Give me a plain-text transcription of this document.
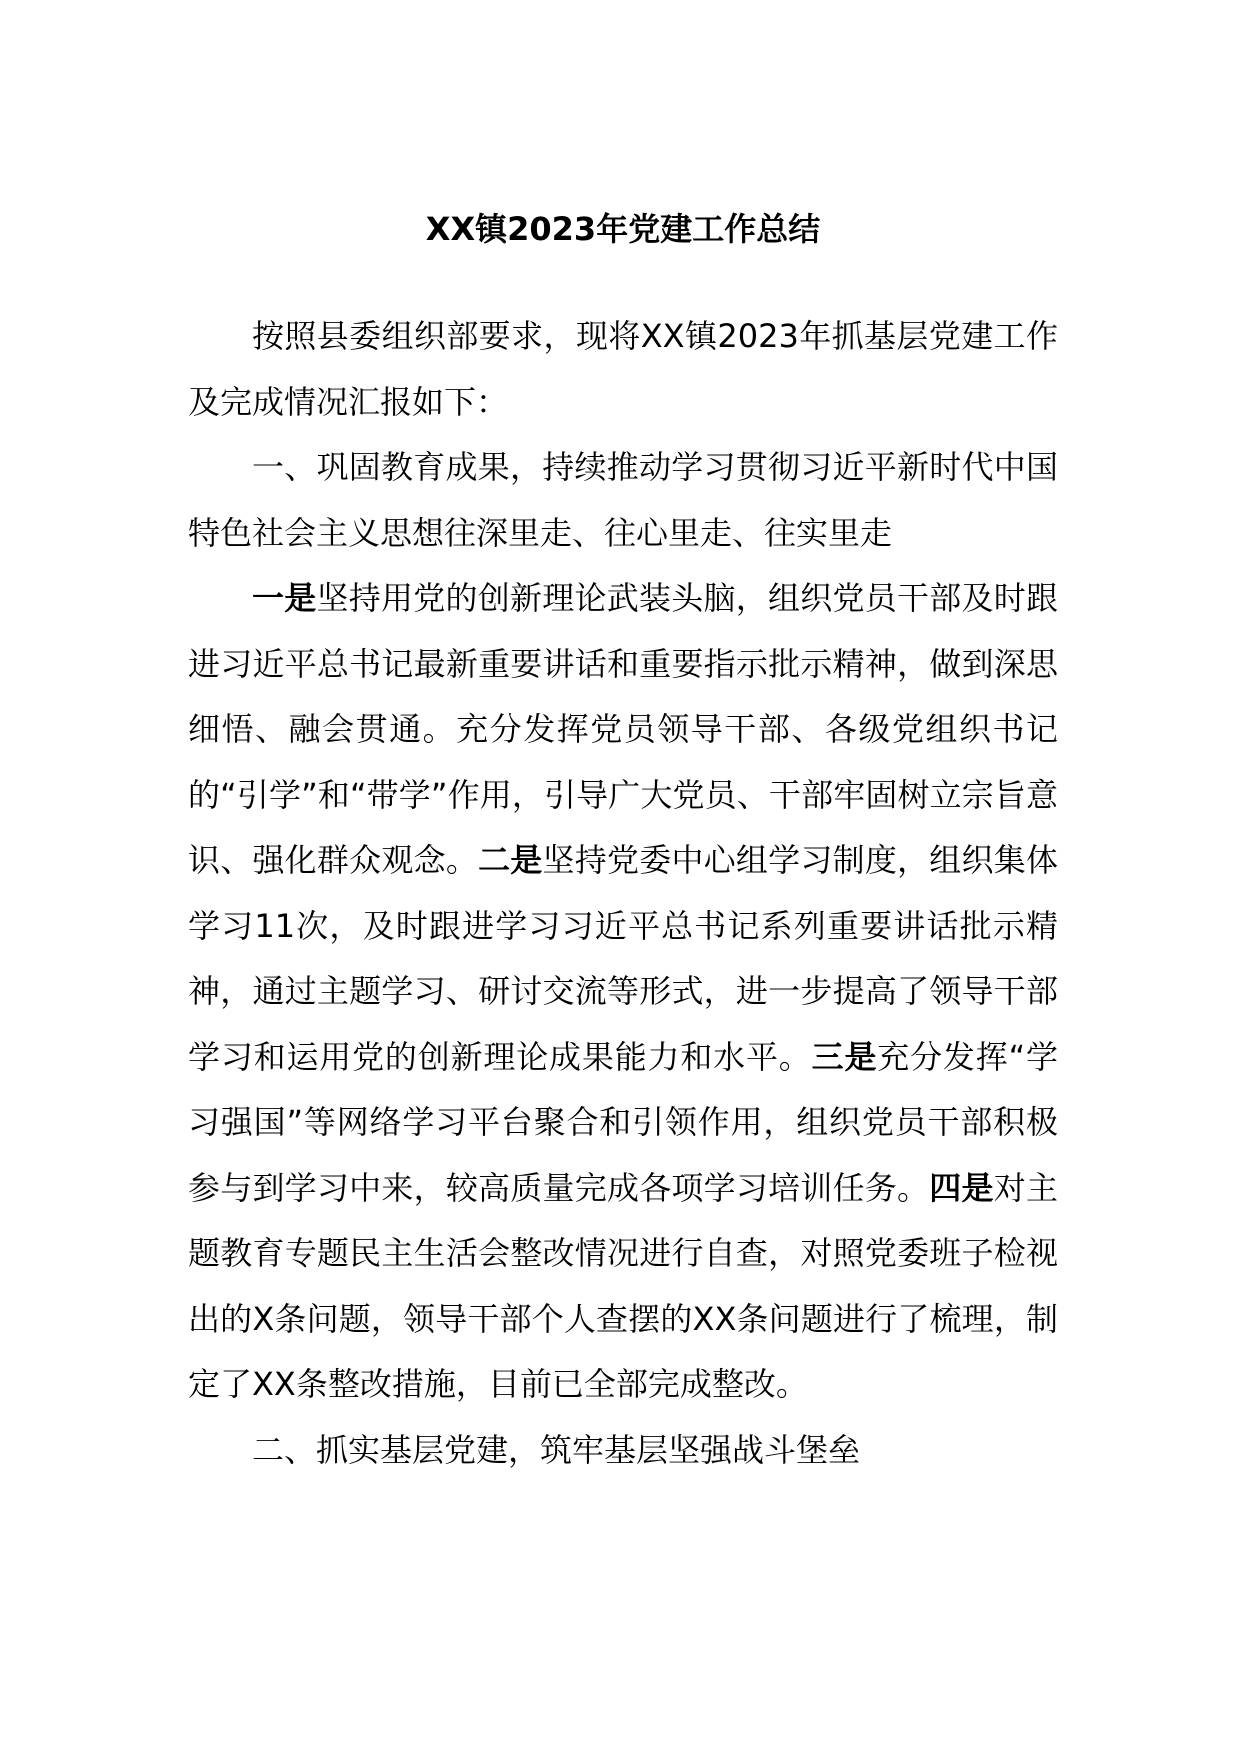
XX镇2023年党建工作总结

按照县委组织部要求，现将XX镇2023年抓基层党建工作及完成情况汇报如下：

一、巩固教育成果，持续推动学习贯彻习近平新时代中国特色社会主义思想往深里走、往心里走、往实里走

一是坚持用党的创新理论武装头脑，组织党员干部及时跟进习近平总书记最新重要讲话和重要指示批示精神，做到深思细悟、融会贯通。充分发挥党员领导干部、各级党组织书记的“引学”和“带学”作用，引导广大党员、干部牢固树立宗旨意识、强化群众观念。二是坚持党委中心组学习制度，组织集体学习11次，及时跟进学习习近平总书记系列重要讲话批示精神，通过主题学习、研讨交流等形式，进一步提高了领导干部学习和运用党的创新理论成果能力和水平。三是充分发挥“学习强国”等网络学习平台聚合和引领作用，组织党员干部积极参与到学习中来，较高质量完成各项学习培训任务。四是对主题教育专题民主生活会整改情况进行自查，对照党委班子检视出的X条问题，领导干部个人查摆的XX条问题进行了梳理，制定了XX条整改措施，目前已全部完成整改。

二、抓实基层党建，筑牢基层坚强战斗堡垒
